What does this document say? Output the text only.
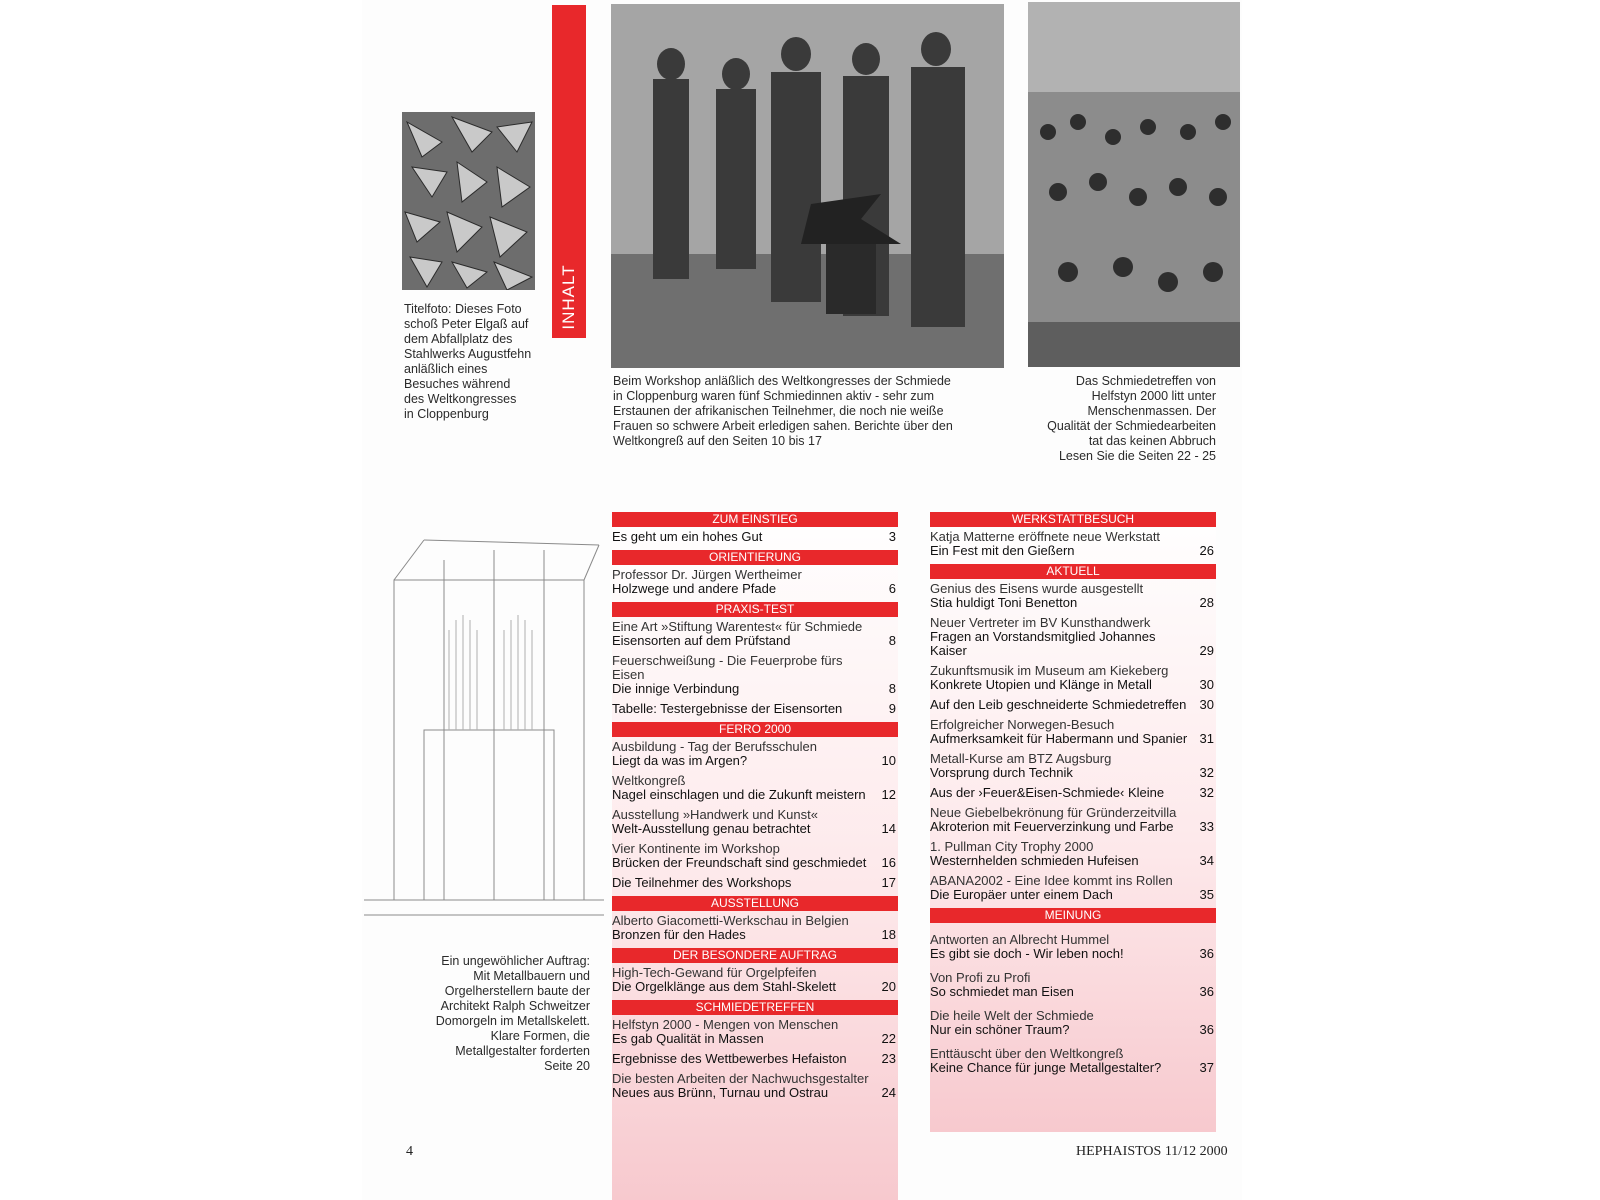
Titelfoto: Dieses Foto
schoß Peter Elgaß auf
dem Abfallplatz des
Stahlwerks Augustfehn
anläßlich eines
Besuches während
des Weltkongresses
in Cloppenburg
INHALT
Beim Workshop anläßlich des Weltkongresses der Schmiede
in Cloppenburg waren fünf Schmiedinnen aktiv - sehr zum
Erstaunen der afrikanischen Teilnehmer, die noch nie weiße
Frauen so schwere Arbeit erledigen sahen. Berichte über den
Weltkongreß auf den Seiten 10 bis 17
Das Schmiedetreffen von
Helfstyn 2000 litt unter
Menschenmassen. Der
Qualität der Schmiedearbeiten
tat das keinen Abbruch
Lesen Sie die Seiten 22 - 25
Ein ungewöhlicher Auftrag:
Mit Metallbauern und
Orgelherstellern baute der
Architekt Ralph Schweitzer
Domorgeln im Metallskelett.
Klare Formen, die
Metallgestalter forderten
Seite 20
ZUM EINSTIEG
Es geht um ein hohes Gut	3
ORIENTIERUNG
Professor Dr. Jürgen Wertheimer
Holzwege und andere Pfade	6
PRAXIS-TEST
Eine Art »Stiftung Warentest« für Schmiede
Eisensorten auf dem Prüfstand	8
Feuerschweißung - Die Feuerprobe fürs Eisen
Die innige Verbindung	8
Tabelle: Testergebnisse der Eisensorten	9
FERRO 2000
Ausbildung - Tag der Berufsschulen
Liegt da was im Argen?	10
Weltkongreß
Nagel einschlagen und die Zukunft meistern	12
Ausstellung »Handwerk und Kunst«
Welt-Ausstellung genau betrachtet	14
Vier Kontinente im Workshop
Brücken der Freundschaft sind geschmiedet	16
Die Teilnehmer des Workshops	17
AUSSTELLUNG
Alberto Giacometti-Werkschau in Belgien
Bronzen für den Hades	18
DER BESONDERE AUFTRAG
High-Tech-Gewand für Orgelpfeifen
Die Orgelklänge aus dem Stahl-Skelett	20
SCHMIEDETREFFEN
Helfstyn 2000 - Mengen von Menschen
Es gab Qualität in Massen	22
Ergebnisse des Wettbewerbes Hefaiston	23
Die besten Arbeiten der Nachwuchsgestalter
Neues aus Brünn, Turnau und Ostrau	24
WERKSTATTBESUCH
Katja Matterne eröffnete neue Werkstatt
Ein Fest mit den Gießern	26
AKTUELL
Genius des Eisens wurde ausgestellt
Stia huldigt Toni Benetton	28
Neuer Vertreter im BV Kunsthandwerk
Fragen an Vorstandsmitglied Johannes Kaiser	29
Zukunftsmusik im Museum am Kiekeberg
Konkrete Utopien und Klänge in Metall	30
Auf den Leib geschneiderte Schmiedetreffen	30
Erfolgreicher Norwegen-Besuch
Aufmerksamkeit für Habermann und Spanier 31
Metall-Kurse am BTZ Augsburg
Vorsprung durch Technik	32
Aus der ›Feuer&Eisen-Schmiede‹ Kleine	32
Neue Giebelbekrönung für Gründerzeitvilla
Akroterion mit Feuerverzinkung und Farbe	33
1. Pullman City Trophy 2000
Westernhelden schmieden Hufeisen	34
ABANA2002 - Eine Idee kommt ins Rollen
Die Europäer unter einem Dach	35
MEINUNG
Antworten an Albrecht Hummel
Es gibt sie doch - Wir leben noch!	36
Von Profi zu Profi
So schmiedet man Eisen	36
Die heile Welt der Schmiede
Nur ein schöner Traum?	36
Enttäuscht über den Weltkongreß
Keine Chance für junge Metallgestalter?	37
4	HEPHAISTOS 11/12 2000
